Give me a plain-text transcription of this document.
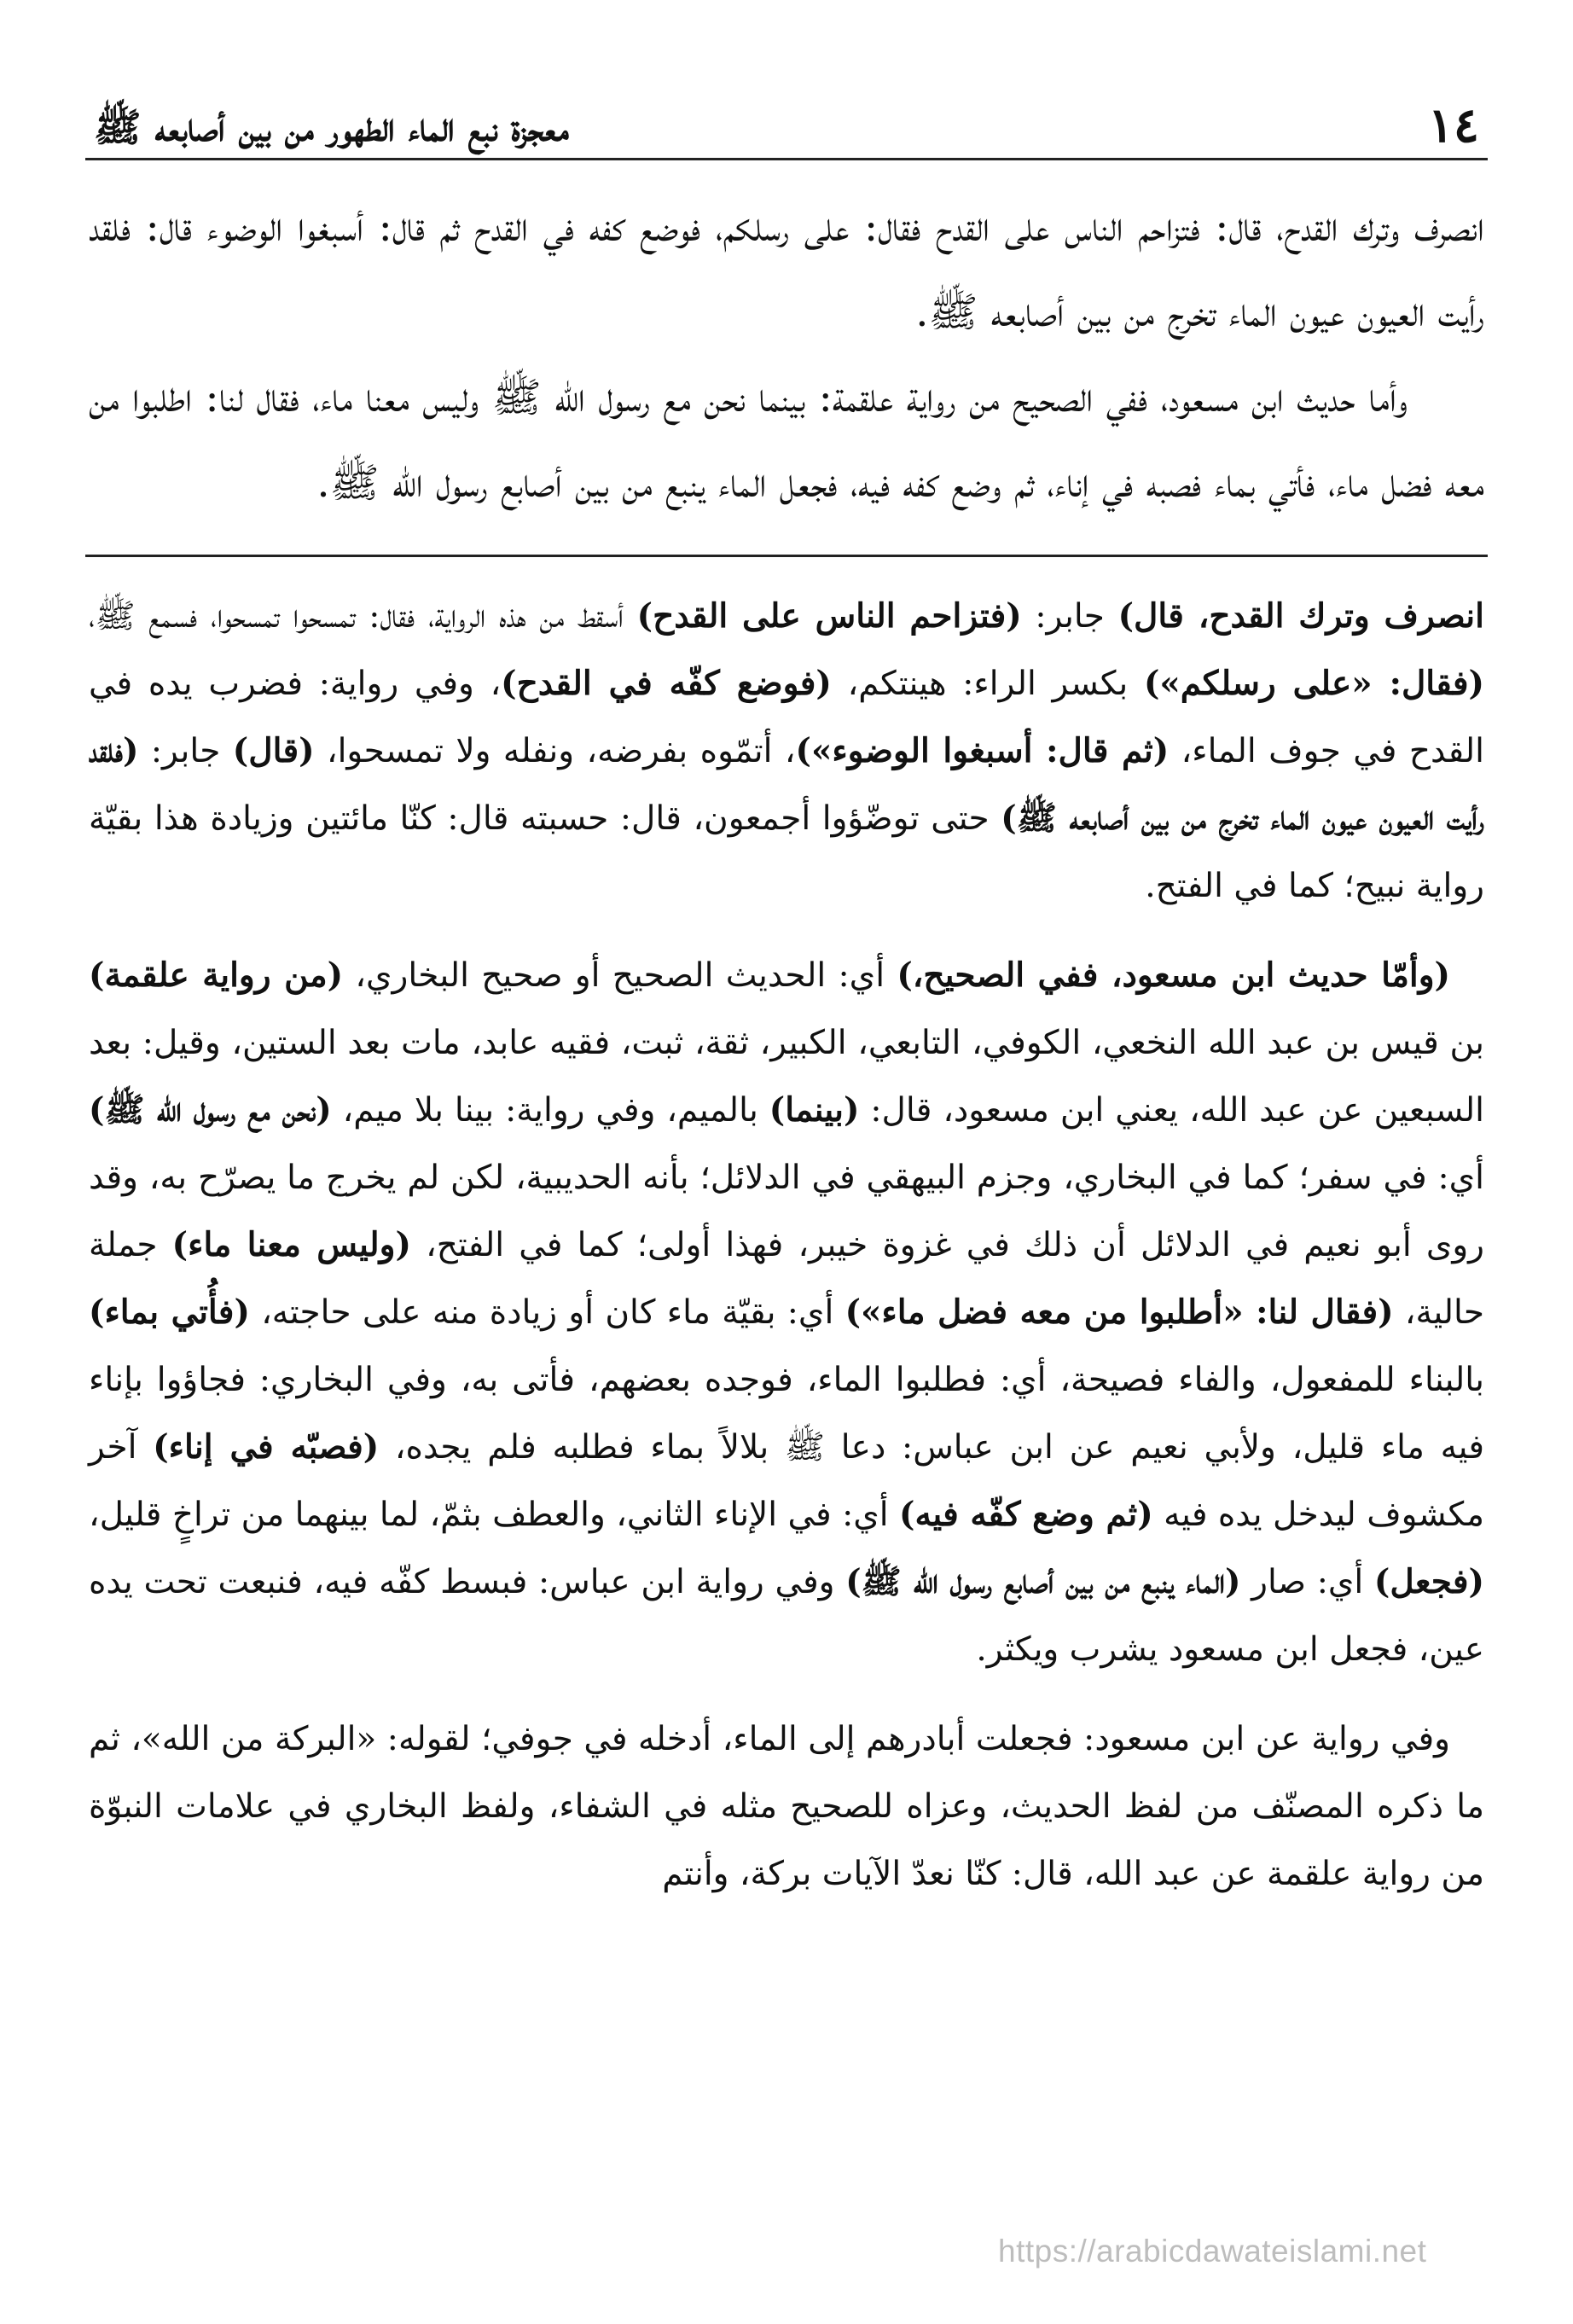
١٤
معجزة نبع الماء الطهور من بين أصابعه ﷺ

انصرف وترك القدح، قال: فتزاحم الناس على القدح فقال: على رسلكم، فوضع كفه في القدح ثم قال: أسبغوا الوضوء قال: فلقد رأيت العيون عيون الماء تخرج من بين أصابعه ﷺ.

وأما حديث ابن مسعود، ففي الصحيح من رواية علقمة: بينما نحن مع رسول الله ﷺ وليس معنا ماء، فقال لنا: اطلبوا من معه فضل ماء، فأتي بماء فصبه في إناء، ثم وضع كفه فيه، فجعل الماء ينبع من بين أصابع رسول الله ﷺ.

انصرف وترك القدح، قال) جابر: (فتزاحم الناس على القدح) أسقط من هذه الرواية، فقال: تمسحوا تمسحوا، فسمع ﷺ، (فقال: «على رسلكم») بكسر الراء: هينتكم، (فوضع كفّه في القدح)، وفي رواية: فضرب يده في القدح في جوف الماء، (ثم قال: أسبغوا الوضوء»)، أتمّوه بفرضه، ونفله ولا تمسحوا، (قال) جابر: (فلقد رأيت العيون عيون الماء تخرج من بين أصابعه ﷺ) حتى توضّؤوا أجمعون، قال: حسبته قال: كنّا مائتين وزيادة هذا بقيّة رواية نبيح؛ كما في الفتح.

(وأمّا حديث ابن مسعود، ففي الصحيح،) أي: الحديث الصحيح أو صحيح البخاري، (من رواية علقمة) بن قيس بن عبد الله النخعي، الكوفي، التابعي، الكبير، ثقة، ثبت، فقيه عابد، مات بعد الستين، وقيل: بعد السبعين عن عبد الله، يعني ابن مسعود، قال: (بينما) بالميم، وفي رواية: بينا بلا ميم، (نحن مع رسول الله ﷺ) أي: في سفر؛ كما في البخاري، وجزم البيهقي في الدلائل؛ بأنه الحديبية، لكن لم يخرج ما يصرّح به، وقد روى أبو نعيم في الدلائل أن ذلك في غزوة خيبر، فهذا أولى؛ كما في الفتح، (وليس معنا ماء) جملة حالية، (فقال لنا: «أطلبوا من معه فضل ماء») أي: بقيّة ماء كان أو زيادة منه على حاجته، (فأُتي بماء) بالبناء للمفعول، والفاء فصيحة، أي: فطلبوا الماء، فوجده بعضهم، فأتى به، وفي البخاري: فجاؤوا بإناء فيه ماء قليل، ولأبي نعيم عن ابن عباس: دعا ﷺ بلالاً بماء فطلبه فلم يجده، (فصبّه في إناء) آخر مكشوف ليدخل يده فيه (ثم وضع كفّه فيه) أي: في الإناء الثاني، والعطف بثمّ، لما بينهما من تراخٍ قليل، (فجعل) أي: صار (الماء ينبع من بين أصابع رسول الله ﷺ) وفي رواية ابن عباس: فبسط كفّه فيه، فنبعت تحت يده عين، فجعل ابن مسعود يشرب ويكثر.

وفي رواية عن ابن مسعود: فجعلت أبادرهم إلى الماء، أدخله في جوفي؛ لقوله: «البركة من الله»، ثم ما ذكره المصنّف من لفظ الحديث، وعزاه للصحيح مثله في الشفاء، ولفظ البخاري في علامات النبوّة من رواية علقمة عن عبد الله، قال: كنّا نعدّ الآيات بركة، وأنتم

https://arabicdawateislami.net
